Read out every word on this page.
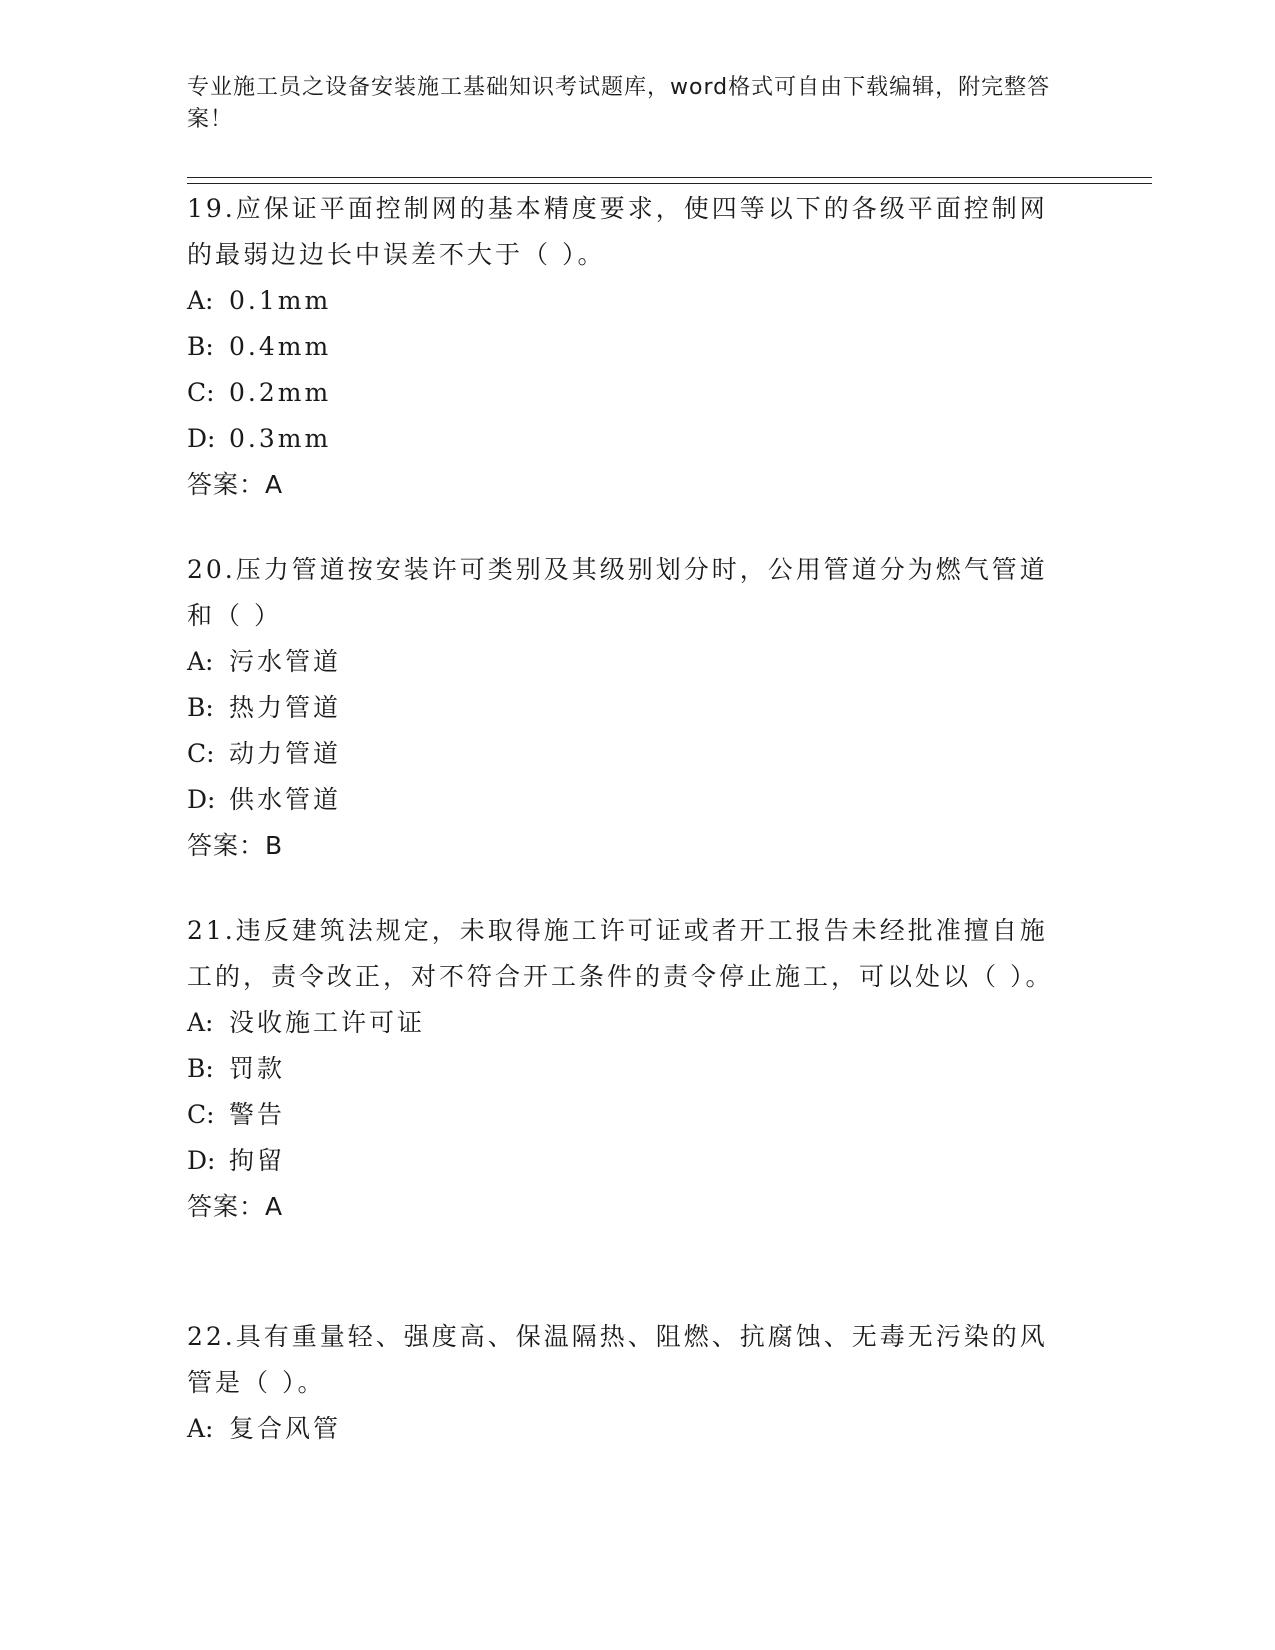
专业施工员之设备安装施工基础知识考试题库，word格式可自由下载编辑，附完整答案！

19.应保证平面控制网的基本精度要求，使四等以下的各级平面控制网的最弱边边长中误差不大于（ ）。

A: 0.1mm
B: 0.4mm
C: 0.2mm
D: 0.3mm
答案：A

20.压力管道按安装许可类别及其级别划分时，公用管道分为燃气管道和（ ）

A: 污水管道
B: 热力管道
C: 动力管道
D: 供水管道
答案：B

21.违反建筑法规定，未取得施工许可证或者开工报告未经批准擅自施工的，责令改正，对不符合开工条件的责令停止施工，可以处以（ ）。

A: 没收施工许可证
B: 罚款
C: 警告
D: 拘留
答案：A

22.具有重量轻、强度高、保温隔热、阻燃、抗腐蚀、无毒无污染的风管是（ ）。

A: 复合风管
